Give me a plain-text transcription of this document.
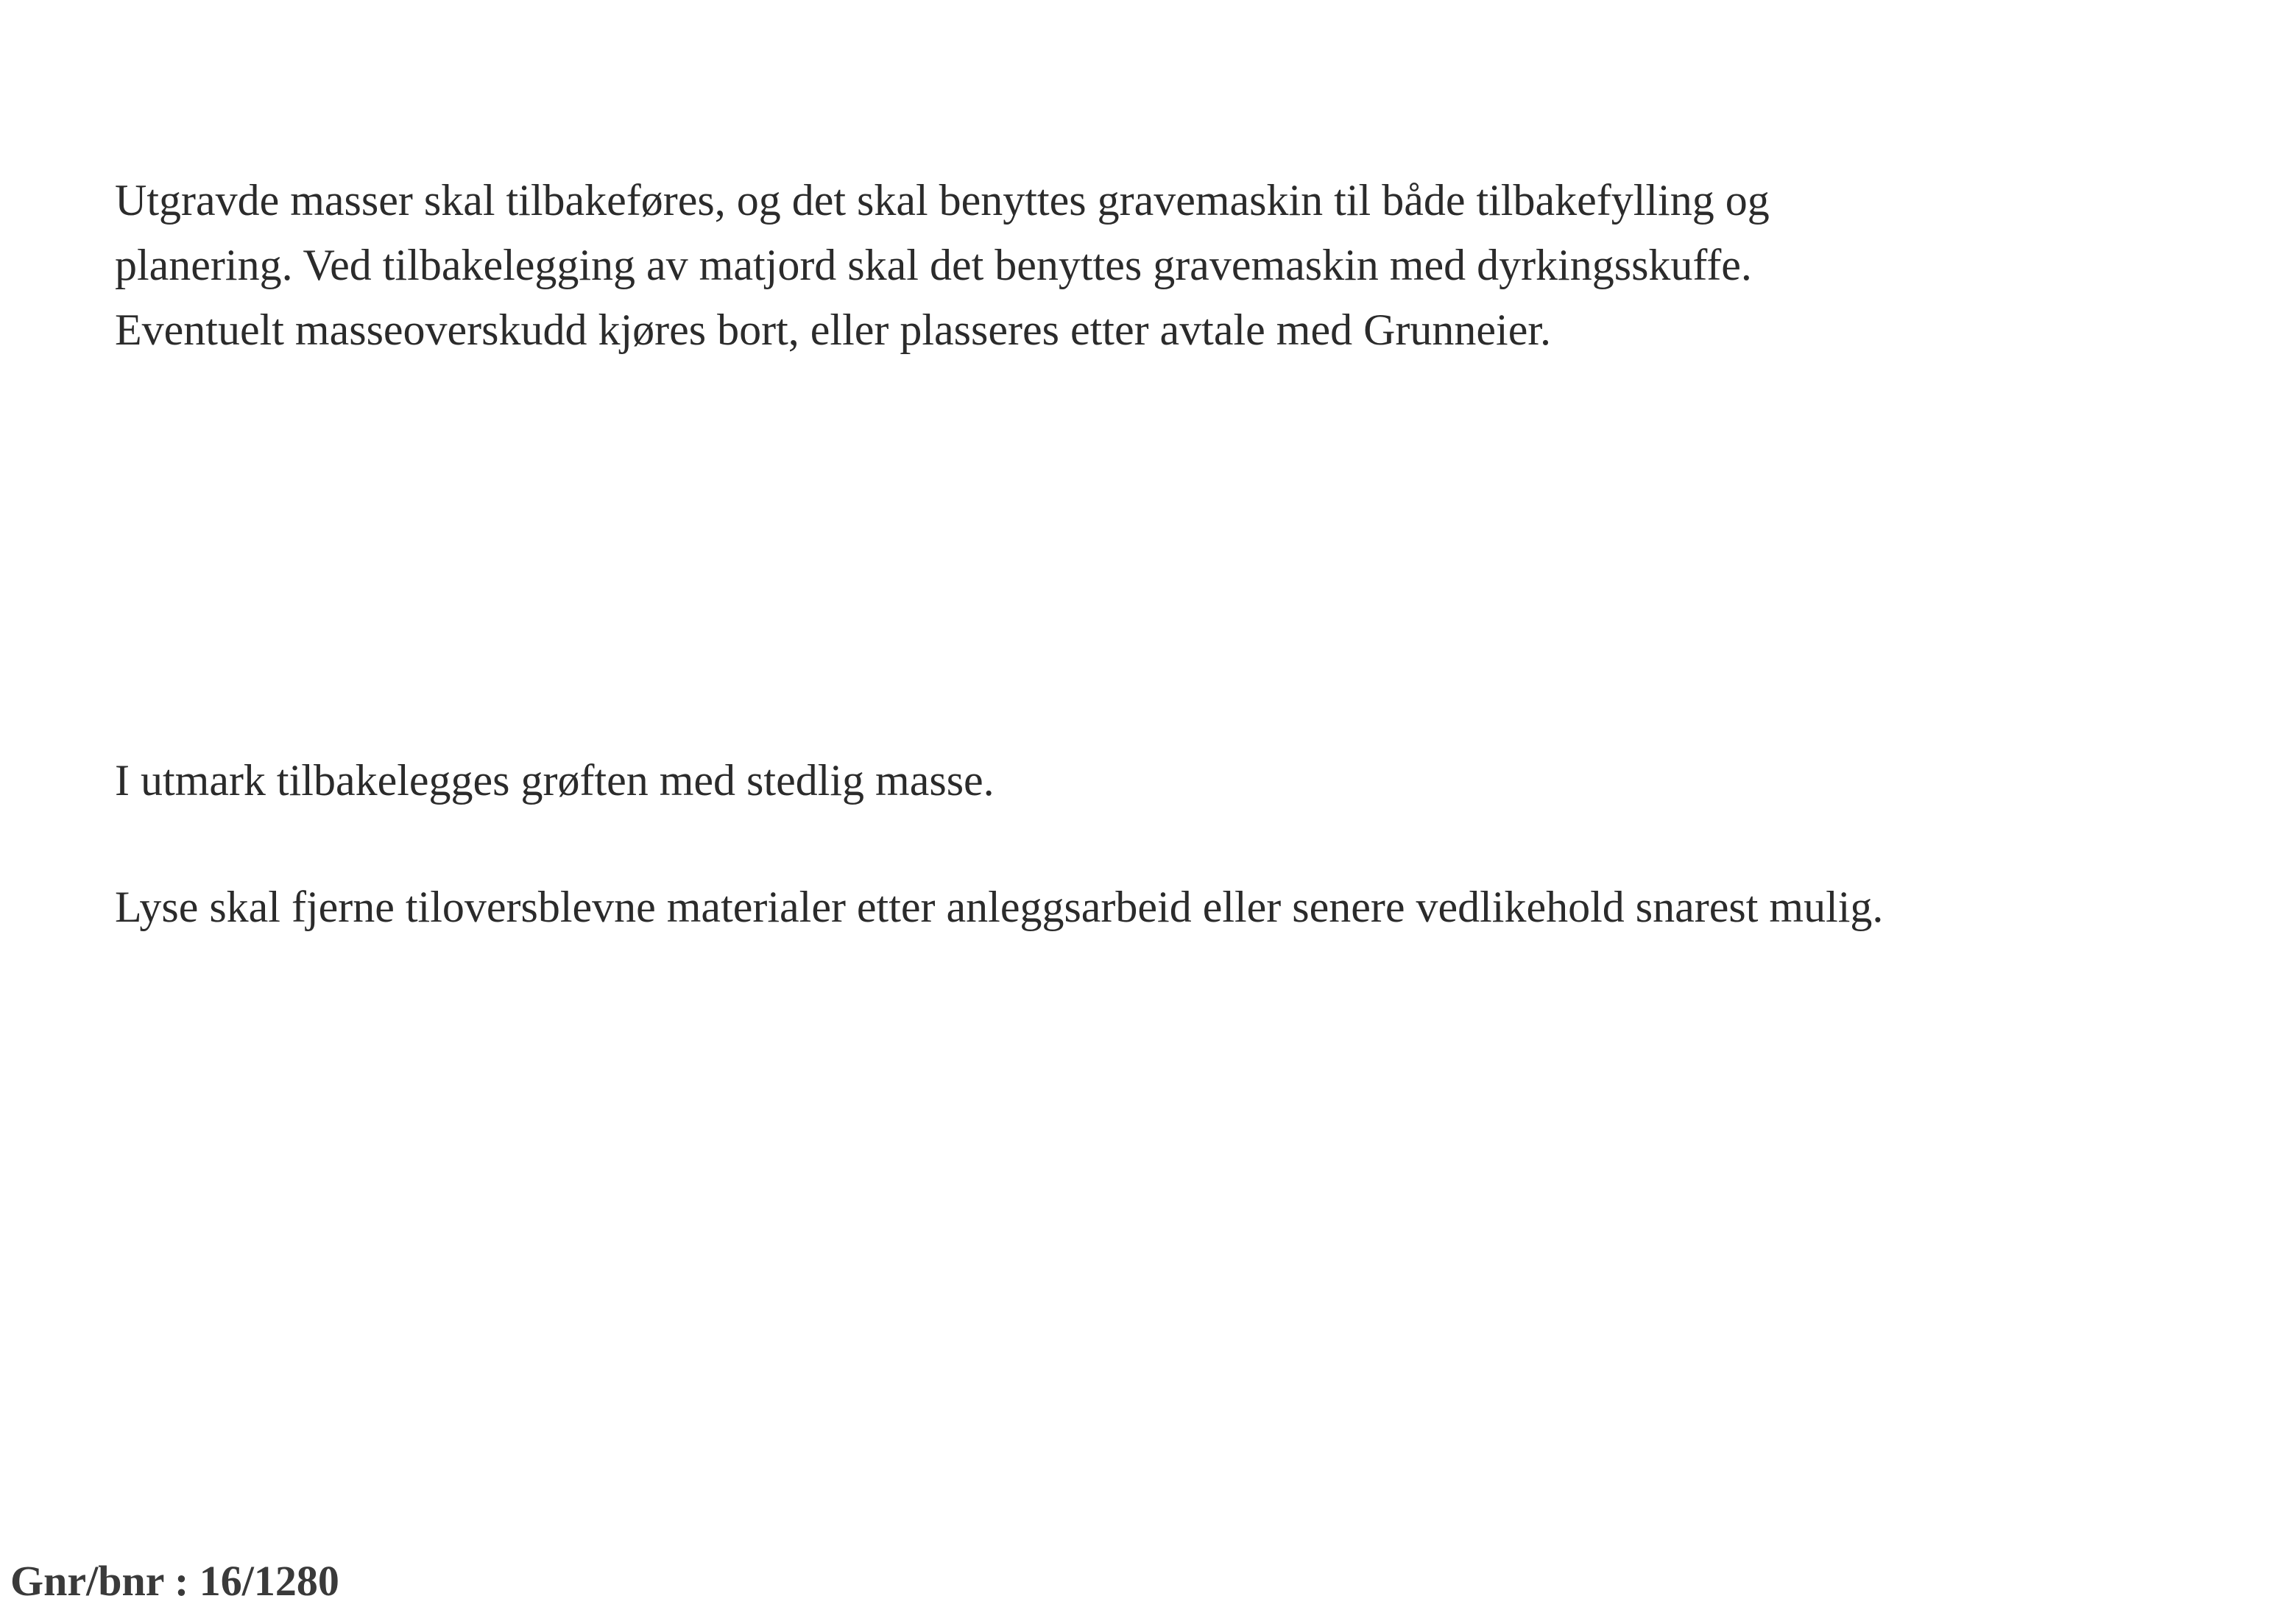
Utgravde masser skal tilbakeføres, og det skal benyttes gravemaskin til både tilbakefylling og
planering. Ved tilbakelegging av matjord skal det benyttes gravemaskin med dyrkingsskuffe.
Eventuelt masseoverskudd kjøres bort, eller plasseres etter avtale med Grunneier.

I utmark tilbakelegges grøften med stedlig masse.

Lyse skal fjerne tiloversblevne materialer etter anleggsarbeid eller senere vedlikehold snarest mulig.

Gnr/bnr : 16/1280
